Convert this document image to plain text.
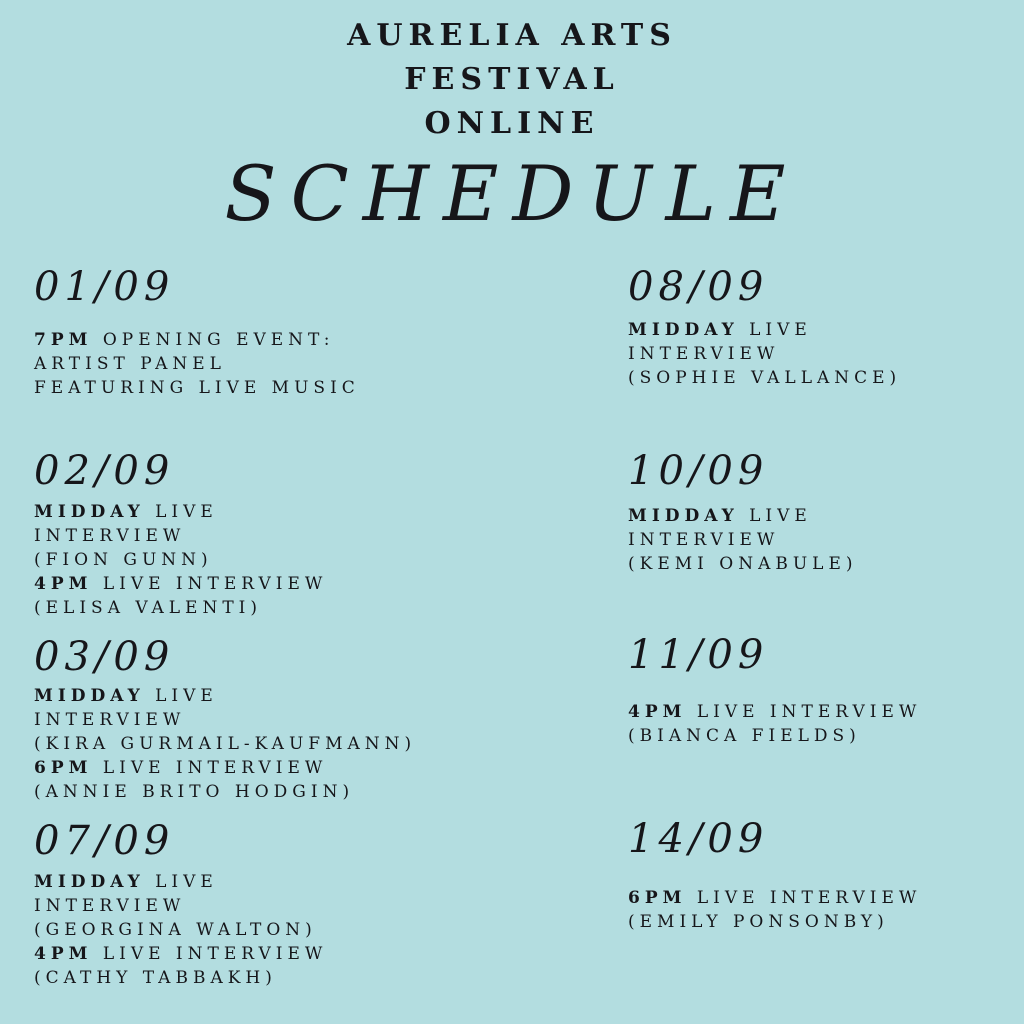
AURELIA ARTS
FESTIVAL
ONLINE
SCHEDULE
01/09
7PM OPENING EVENT:
ARTIST PANEL
FEATURING LIVE MUSIC
02/09
MIDDAY LIVE
INTERVIEW
(FION GUNN)
4PM LIVE INTERVIEW
(ELISA VALENTI)
03/09
MIDDAY LIVE
INTERVIEW
(KIRA GURMAIL-KAUFMANN)
6PM LIVE INTERVIEW
(ANNIE BRITO HODGIN)
07/09
MIDDAY LIVE
INTERVIEW
(GEORGINA WALTON)
4PM LIVE INTERVIEW
(CATHY TABBAKH)
08/09
MIDDAY LIVE
INTERVIEW
(SOPHIE VALLANCE)
10/09
MIDDAY LIVE
INTERVIEW
(KEMI ONABULE)
11/09
4PM LIVE INTERVIEW
(BIANCA FIELDS)
14/09
6PM LIVE INTERVIEW
(EMILY PONSONBY)
